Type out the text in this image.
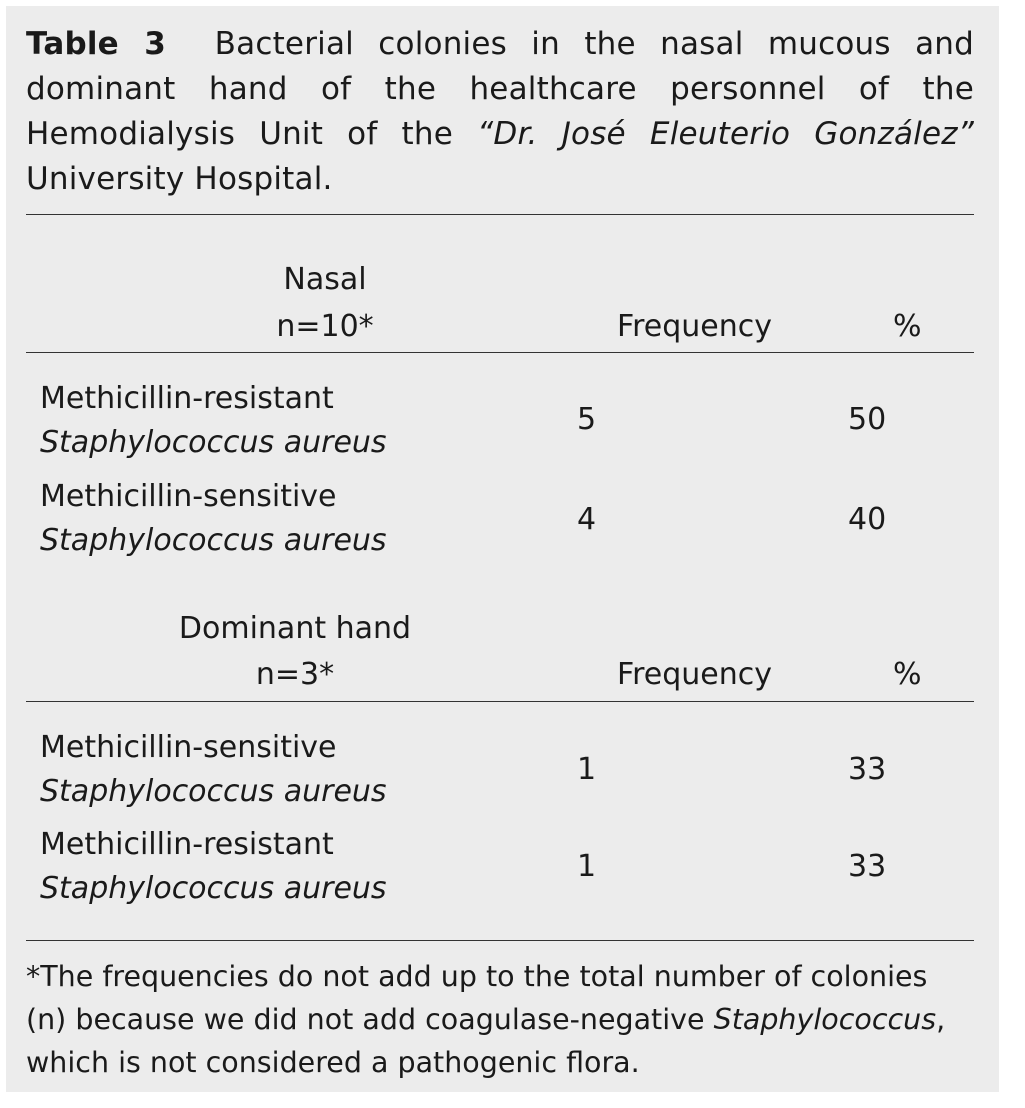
Table 3 Bacterial colonies in the nasal mucous and dominant hand of the healthcare personnel of the Hemodialysis Unit of the “Dr. José Eleuterio González” University Hospital.
Nasal
n=10*	Frequency	%
Methicillin-resistant
Staphylococcus aureus
5	50
Methicillin-sensitive
Staphylococcus aureus
4	40
Dominant hand
n=3*	Frequency	%
Methicillin-sensitive
Staphylococcus aureus
1	33
Methicillin-resistant
Staphylococcus aureus
1	33
*The frequencies do not add up to the total number of colonies (n) because we did not add coagulase-negative Staphylococcus, which is not considered a pathogenic flora.
